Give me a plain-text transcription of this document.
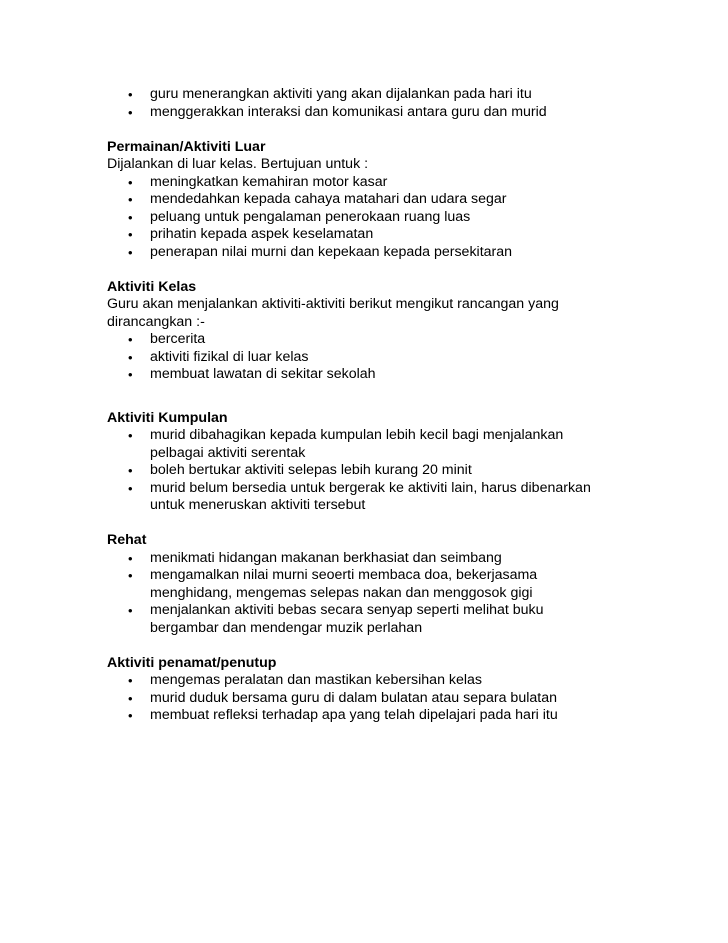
• guru menerangkan aktiviti yang akan dijalankan pada hari itu
• menggerakkan interaksi dan komunikasi antara guru dan murid
Permainan/Aktiviti Luar
Dijalankan di luar kelas. Bertujuan untuk :
• meningkatkan kemahiran motor kasar
• mendedahkan kepada cahaya matahari dan udara segar
• peluang untuk pengalaman penerokaan ruang luas
• prihatin kepada aspek keselamatan
• penerapan nilai murni dan kepekaan kepada persekitaran
Aktiviti Kelas
Guru akan menjalankan aktiviti-aktiviti berikut mengikut rancangan yang dirancangkan :-
• bercerita
• aktiviti fizikal di luar kelas
• membuat lawatan di sekitar sekolah
Aktiviti Kumpulan
• murid dibahagikan kepada kumpulan lebih kecil bagi menjalankan pelbagai aktiviti serentak
• boleh bertukar aktiviti selepas lebih kurang 20 minit
• murid belum bersedia untuk bergerak ke aktiviti lain, harus dibenarkan untuk meneruskan aktiviti tersebut
Rehat
• menikmati hidangan makanan berkhasiat dan seimbang
• mengamalkan nilai murni seoerti membaca doa, bekerjasama menghidang, mengemas selepas nakan dan menggosok gigi
• menjalankan aktiviti bebas secara senyap seperti melihat buku bergambar dan mendengar muzik perlahan
Aktiviti penamat/penutup
• mengemas peralatan dan mastikan kebersihan kelas
• murid duduk bersama guru di dalam bulatan atau separa bulatan
• membuat refleksi terhadap apa yang telah dipelajari pada hari itu
